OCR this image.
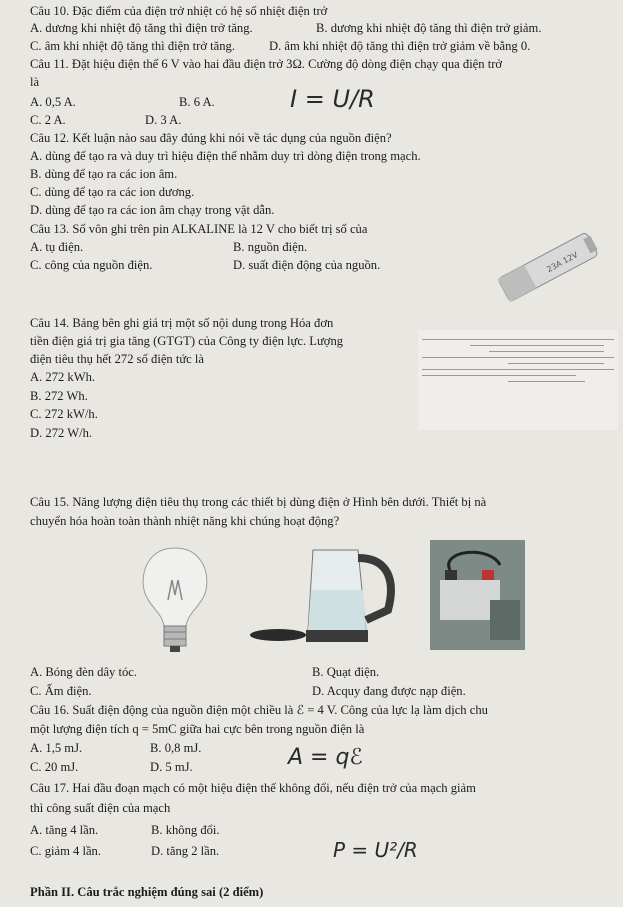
Câu 10. Đặc điểm của điện trở nhiệt có hệ số nhiệt điện trở
A. dương khi nhiệt độ tăng thì điện trở tăng.	B. dương khi nhiệt độ tăng thì điện trở giảm.
C. âm khi nhiệt độ tăng thì điện trở tăng.	D. âm khi nhiệt độ tăng thì điện trở giảm về bằng 0.
Câu 11. Đặt hiệu điện thế 6 V vào hai đầu điện trở 3Ω. Cường độ dòng điện chạy qua điện trở
là
A. 0,5 A.	B. 6 A.
C. 2 A.	D. 3 A.
I = U/R
Câu 12. Kết luận nào sau đây đúng khi nói về tác dụng của nguồn điện?
A. dùng để tạo ra và duy trì hiệu điện thế nhằm duy trì dòng điện trong mạch.
B. dùng để tạo ra các ion âm.
C. dùng để tạo ra các ion dương.
D. dùng để tạo ra các ion âm chạy trong vật dẫn.
Câu 13. Số vôn ghi trên pin ALKALINE là 12 V cho biết trị số của
A. tụ điện.	B. nguồn điện.
C. công của nguồn điện.	D. suất điện động của nguồn.	23A 12V
Câu 14. Bảng bên ghi giá trị một số nội dung trong Hóa đơn
tiền điện giá trị gia tăng (GTGT) của Công ty điện lực. Lượng
điện tiêu thụ hết 272 số điện tức là
A. 272 kWh.
B. 272 Wh.
C. 272 kW/h.
D. 272 W/h.
Câu 15. Năng lượng điện tiêu thụ trong các thiết bị dùng điện ở Hình bên dưới. Thiết bị nà
chuyển hóa hoàn toàn thành nhiệt năng khi chúng hoạt động?
A. Bóng đèn dây tóc.	B. Quạt điện.
C. Ấm điện.	D. Acquy đang được nạp điện.
Câu 16. Suất điện động của nguồn điện một chiều là ℰ = 4 V. Công của lực lạ làm dịch chu
một lượng điện tích q = 5mC giữa hai cực bên trong nguồn điện là
A. 1,5 mJ.	B. 0,8 mJ.
C. 20 mJ.	D. 5 mJ.	A = qℰ
Câu 17. Hai đầu đoạn mạch có một hiệu điện thế không đổi, nếu điện trở của mạch giảm
thì công suất điện của mạch
A. tăng 4 lần.	B. không đổi.
C. giảm 4 lần.	D. tăng 2 lần.	P = U²/R
Phần II. Câu trắc nghiệm đúng sai (2 điểm)
